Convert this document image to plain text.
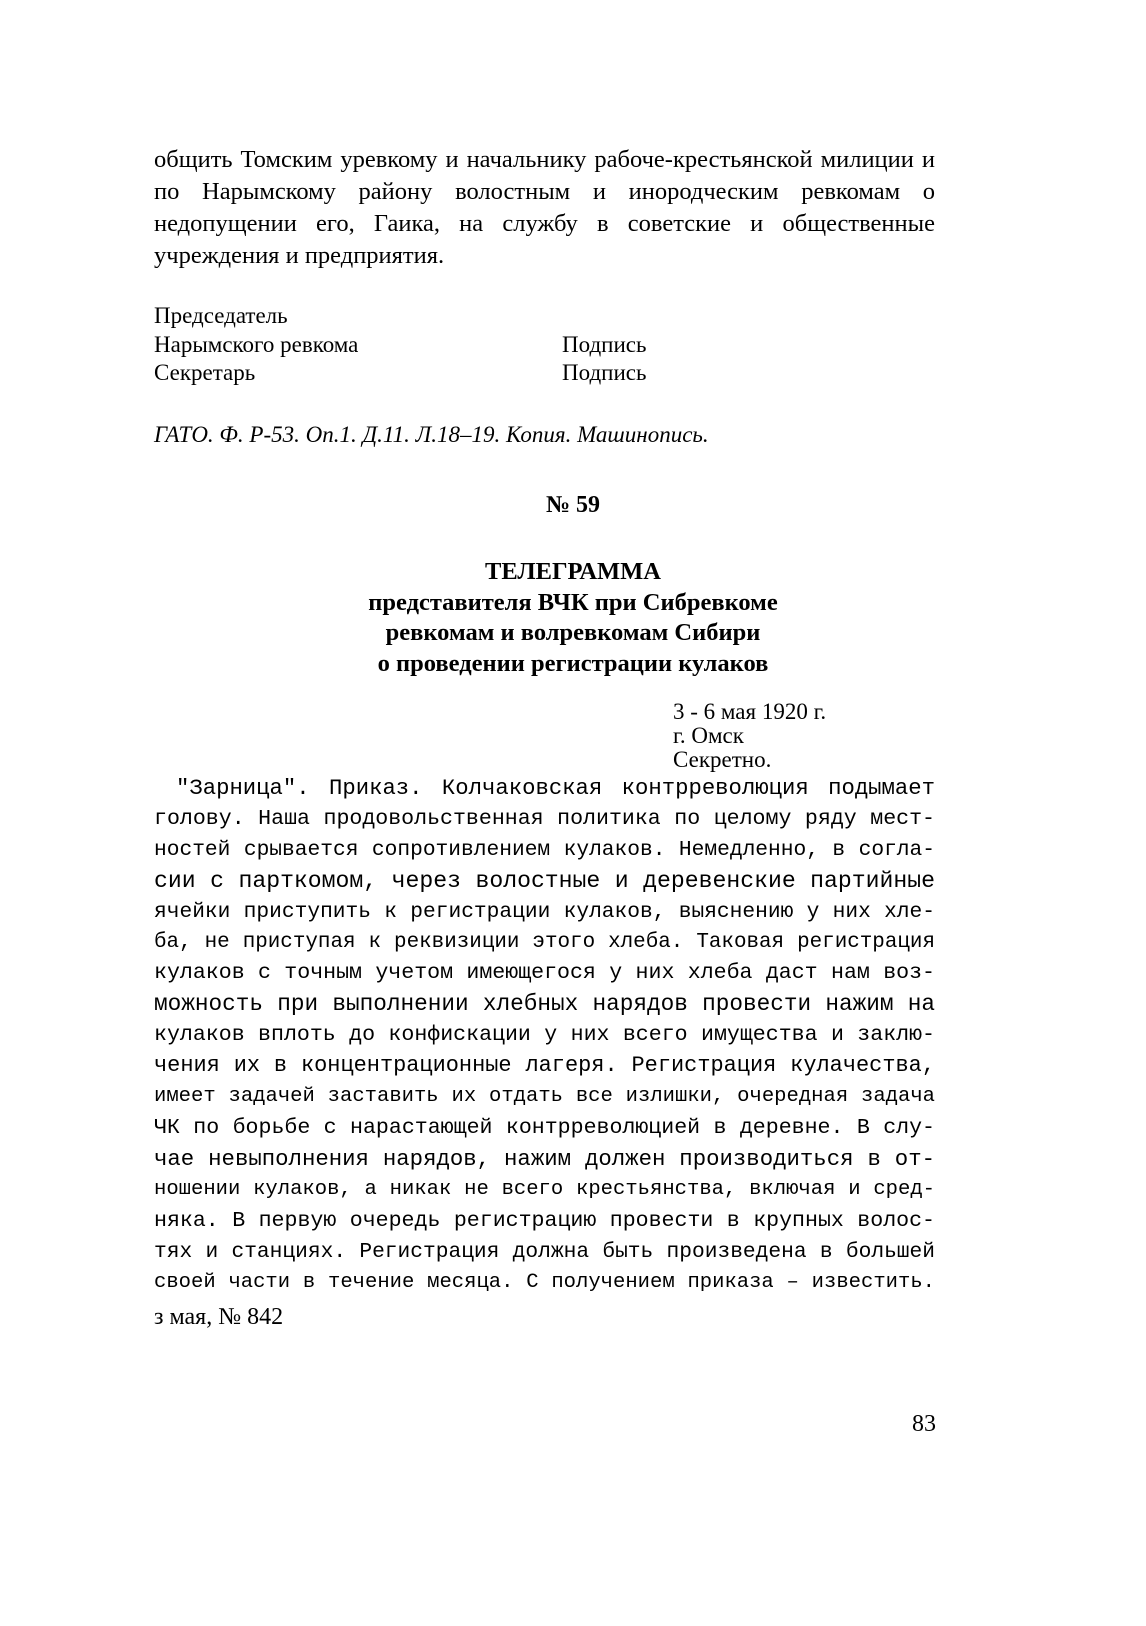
общить Томским уревкому и начальнику рабоче-крестьянской милиции и по Нарымскому району волостным и инородческим ревкомам о недопущении его, Гаика, на службу в советские и общественные учреждения и предприятия.

Председатель
Нарымского ревкома	Подпись
Секретарь	Подпись

ГАТО. Ф. Р-53. Оп.1. Д.11. Л.18–19. Копия. Машинопись.

№ 59

ТЕЛЕГРАММА
представителя ВЧК при Сибревкоме
ревкомам и волревкомам Сибири
о проведении регистрации кулаков
3 - 6 мая 1920 г.
г. Омск
Секретно.

"Зарница". Приказ. Колчаковская контрреволюция подымает
голову. Наша продовольственная политика по целому ряду мест-
ностей срывается сопротивлением кулаков. Немедленно, в согла-
сии с парткомом, через волостные и деревенские партийные
ячейки приступить к регистрации кулаков, выяснению у них хле-
ба, не приступая к реквизиции этого хлеба. Таковая регистрация
кулаков с точным учетом имеющегося у них хлеба даст нам воз-
можность при выполнении хлебных нарядов провести нажим на
кулаков вплоть до конфискации у них всего имущества и заклю-
чения их в концентрационные лагеря. Регистрация кулачества,
имеет задачей заставить их отдать все излишки, очередная задача
ЧК по борьбе с нарастающей контрреволюцией в деревне. В слу-
чае невыполнения нарядов, нажим должен производиться в от-
ношении кулаков, а никак не всего крестьянства, включая и сред-
няка. В первую очередь регистрацию провести в крупных волос-
тях и станциях. Регистрация должна быть произведена в большей
своей части в течение месяца. С получением приказа – известить.

з мая, № 842

83
